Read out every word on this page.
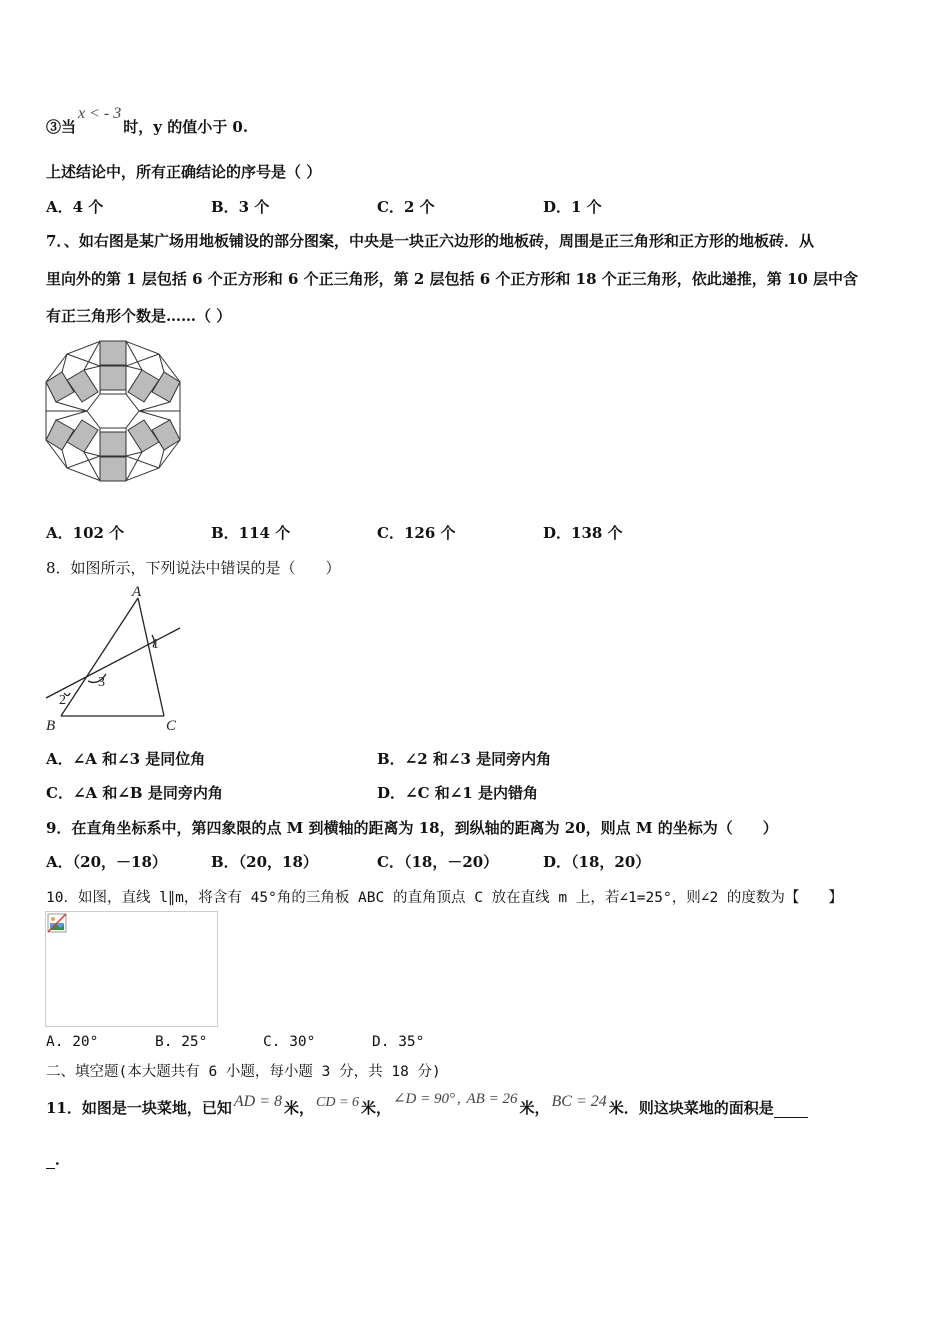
③当x < - 3时，y 的值小于 0.
上述结论中，所有正确结论的序号是（ ）
A．4 个	B．3 个	C．2 个	D．1 个
7．、如右图是某广场用地板铺设的部分图案，中央是一块正六边形的地板砖，周围是正三角形和正方形的地板砖．从
里向外的第 1 层包括 6 个正方形和 6 个正三角形，第 2 层包括 6 个正方形和 18 个正三角形，依此递推，第 10 层中含
有正三角形个数是……（ ）
A．102 个	B．114 个	C．126 个	D．138 个
8．如图所示，下列说法中错误的是（　　）
A
B	C
1
2
3
A．∠A 和∠3 是同位角	B．∠2 和∠3 是同旁内角
C．∠A 和∠B 是同旁内角	D．∠C 和∠1 是内错角
9．在直角坐标系中，第四象限的点 M 到横轴的距离为 18，到纵轴的距离为 20，则点 M 的坐标为（　　）
A．（20，－18）	B．（20，18）	C．（18，－20）	D．（18，20）
10．如图，直线 l∥m，将含有 45°角的三角板 ABC 的直角顶点 C 放在直线 m 上，若∠1=25°，则∠2 的度数为【　　】
A. 20°	B. 25°	C. 30°	D. 35°
二、填空题(本大题共有 6 小题，每小题 3 分，共 18 分)
11．如图是一块菜地，已知 AD = 8 米， CD = 6 米， ∠D = 90° , AB = 26 米， BC = 24 米．则这块菜地的面积是
．
